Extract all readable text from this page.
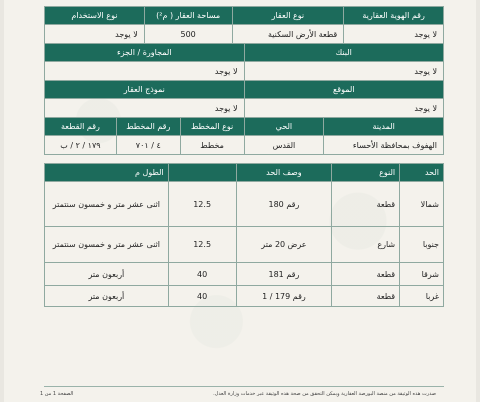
رقم الهوية العقارية	نوع العقار	مساحة العقار ( م²)	نوع الاستخدام
لا يوجد	قطعة الأرض السكنية	500	لا يوجد
البنك	المجاورة / الجزء
لا يوجد	لا يوجد
الموقع	نموذج العقار
لا يوجد	لا يوجد
المدينة	الحي	نوع المخطط	رقم المخطط	رقم القطعة
الهفوف بمحافظة الأحساء	القدس	مخطط	٤ / ٧٠١	١٧٩ / ٢ / ب
الحد	النوع	وصف الحد		الطول م
شمالا	قطعة	رقم 180	12.5	اثنى عشر متر و خمسون سنتمتر
جنوبا	شارع	عرض 20 متر	12.5	اثنى عشر متر و خمسون سنتمتر
شرقا	قطعة	رقم 181	40	أربعون متر
غربا	قطعة	رقم 179 / 1	40	أربعون متر
الصفحة 1 من 1	صدرت هذه الوثيقة من منصة البورصة العقارية ويمكن التحقق من صحة هذه الوثيقة عبر خدمات وزارة العدل.
